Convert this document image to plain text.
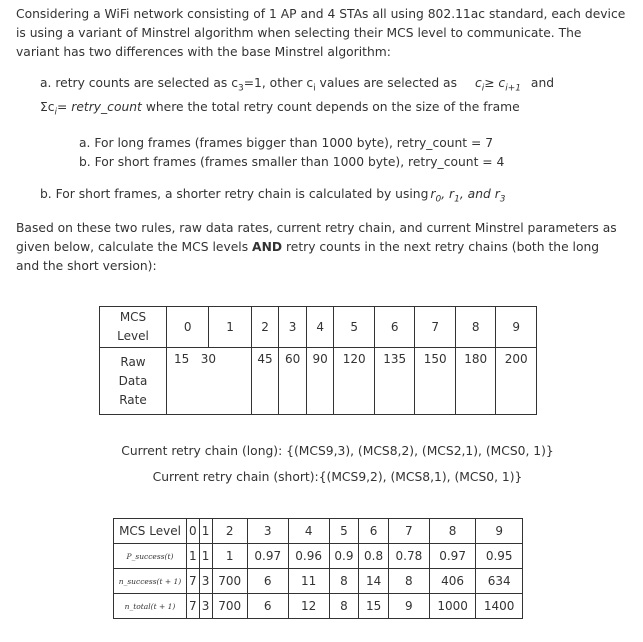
Considering a WiFi network consisting of 1 AP and 4 STAs all using 802.11ac standard, each device is using a variant of Minstrel algorithm when selecting their MCS level to communicate. The variant has two differences with the base Minstrel algorithm:

a. retry counts are selected as $c_3=1$, other $c_i$ values are selected as $c_i\ge c_{i+1}$ and
$\Sigma c_i=$ retry_count where the total retry count depends on the size of the frame

a. For long frames (frames bigger than 1000 byte), retry_count = 7

b. For short frames (frames smaller than 1000 byte), retry_count = 4

b. For short frames, a shorter retry chain is calculated by using $r_0$, $r_1$, and $r_3$

Based on these two rules, raw data rates, current retry chain, and current Minstrel parameters as given below, calculate the MCS levels AND retry counts in the next retry chains (both the long and the short version):

MCS
Level	0	1	2	3	4	5	6	7	8	9
Raw
Data
Rate	15 30		45	60	90	120	135	150	180	200
Current retry chain (long): {(MCS9,3), (MCS8,2), (MCS2,1), (MCS0, 1)}
Current retry chain (short):{(MCS9,2), (MCS8,1), (MCS0, 1)}
MCS Level	0	1	2	3	4	5	6	7	8	9
P_success(t)	1	1	1	0.97	0.96	0.9	0.8	0.78	0.97	0.95
n_success(t + 1)	7	3	700	6	11	8	14	8	406	634
n_total(t + 1)	7	3	700	6	12	8	15	9	1000	1400
